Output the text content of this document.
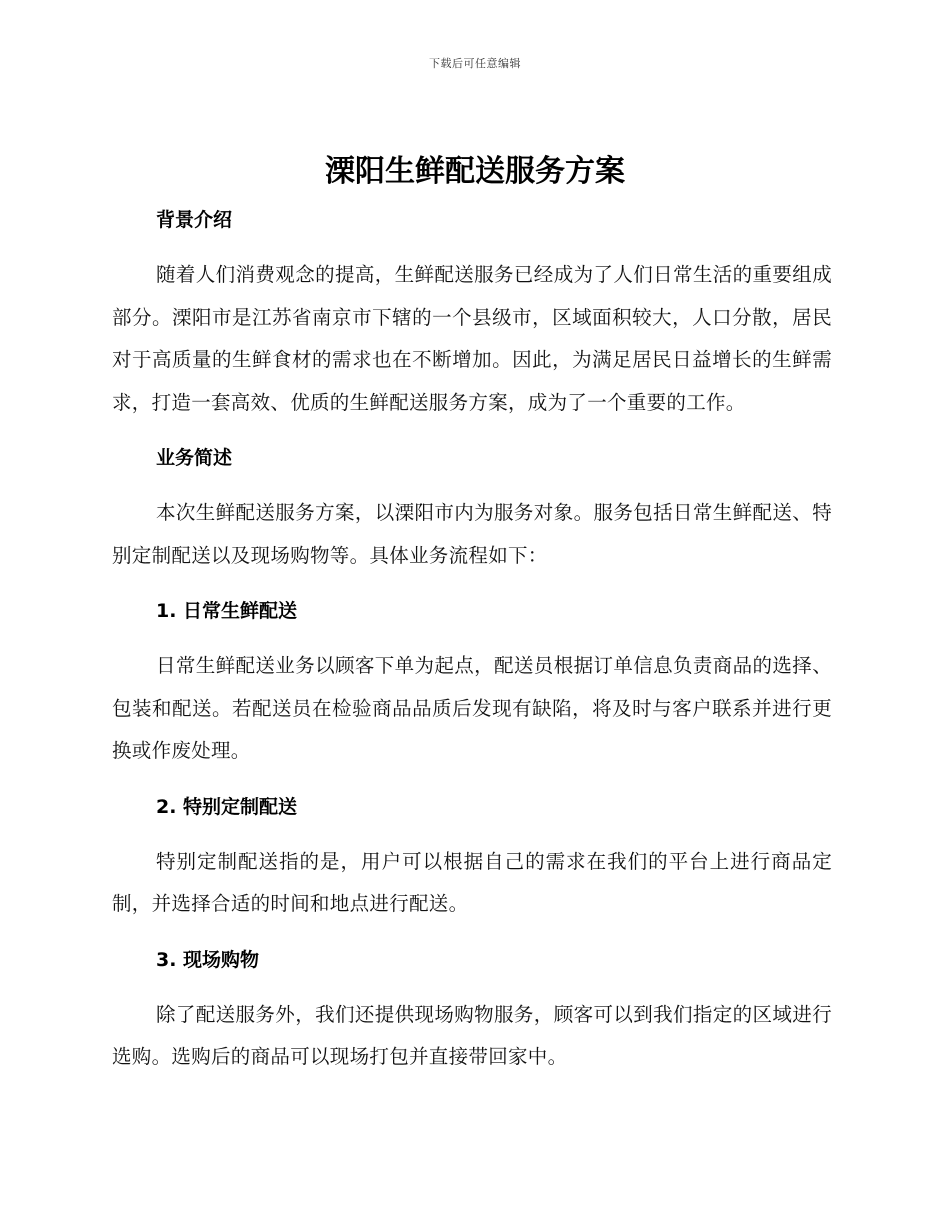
下载后可任意编辑
溧阳生鲜配送服务方案
背景介绍

随着人们消费观念的提高，生鲜配送服务已经成为了人们日常生活的重要组成部分。溧阳市是江苏省南京市下辖的一个县级市，区域面积较大，人口分散，居民对于高质量的生鲜食材的需求也在不断增加。因此，为满足居民日益增长的生鲜需求，打造一套高效、优质的生鲜配送服务方案，成为了一个重要的工作。

业务简述

本次生鲜配送服务方案，以溧阳市内为服务对象。服务包括日常生鲜配送、特别定制配送以及现场购物等。具体业务流程如下：

1. 日常生鲜配送

日常生鲜配送业务以顾客下单为起点，配送员根据订单信息负责商品的选择、包装和配送。若配送员在检验商品品质后发现有缺陷，将及时与客户联系并进行更换或作废处理。

2. 特别定制配送

特别定制配送指的是，用户可以根据自己的需求在我们的平台上进行商品定制，并选择合适的时间和地点进行配送。

3. 现场购物

除了配送服务外，我们还提供现场购物服务，顾客可以到我们指定的区域进行选购。选购后的商品可以现场打包并直接带回家中。
